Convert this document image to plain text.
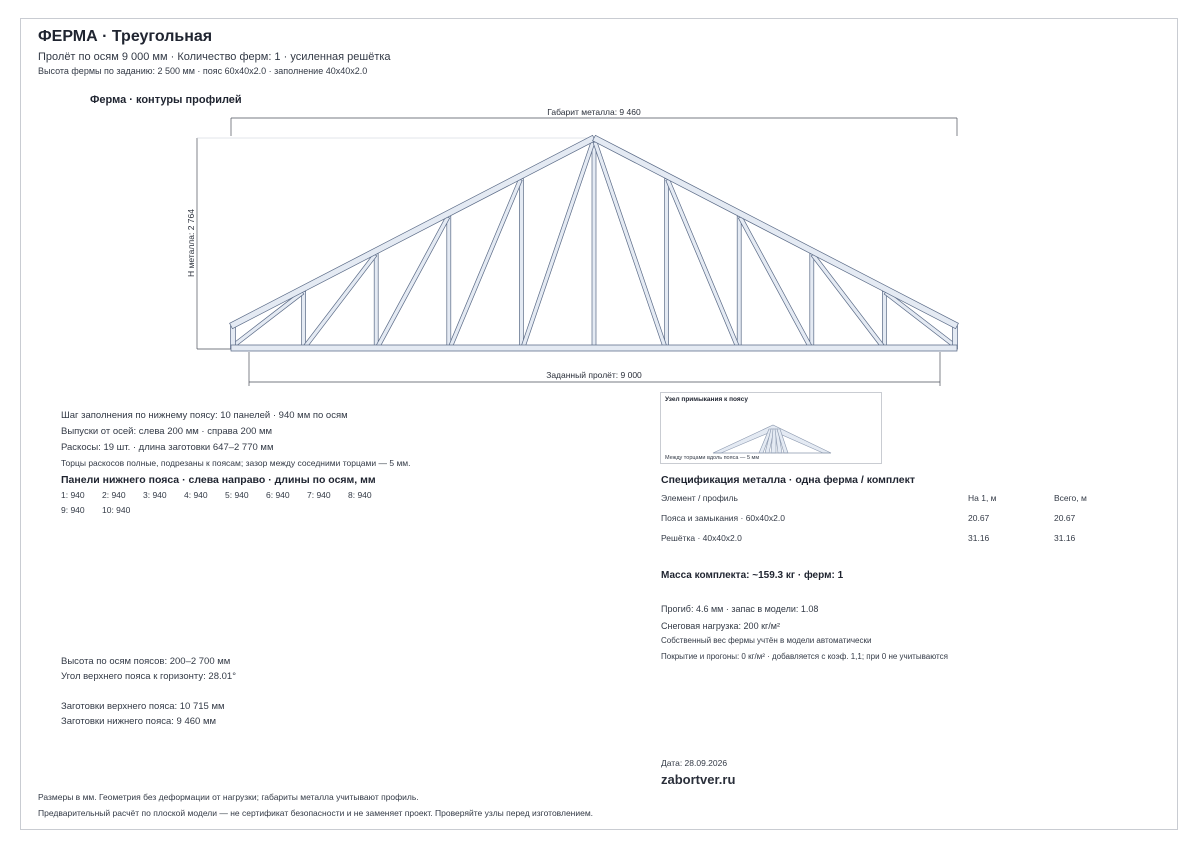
ФЕРМА · Треугольная
Пролёт по осям 9 000 мм · Количество ферм: 1 · усиленная решётка
Высота фермы по заданию: 2 500 мм · пояс 60x40x2.0 · заполнение 40x40x2.0
Ферма · контуры профилей
Габарит металла: 9 460
Н металла: 2 764
Заданный пролёт: 9 000
Шаг заполнения по нижнему поясу: 10 панелей · 940 мм по осям
Выпуски от осей: слева 200 мм · справа 200 мм
Раскосы: 19 шт. · длина заготовки 647–2 770 мм
Торцы раскосов полные, подрезаны к поясам; зазор между соседними торцами — 5 мм.
Панели нижнего пояса · слева направо · длины по осям, мм
1: 940	2: 940	3: 940	4: 940	5: 940	6: 940	7: 940	8: 940
9: 940	10: 940
Высота по осям поясов: 200–2 700 мм
Угол верхнего пояса к горизонту: 28.01°
Заготовки верхнего пояса: 10 715 мм
Заготовки нижнего пояса: 9 460 мм
Узел примыкания к поясу
Между торцами вдоль пояса — 5 мм
Спецификация металла · одна ферма / комплект
Элемент / профиль	На 1, м	Всего, м
Пояса и замыкания · 60x40x2.0	20.67	20.67
Решётка · 40x40x2.0	31.16	31.16
Масса комплекта: ~159.3 кг · ферм: 1
Прогиб: 4.6 мм · запас в модели: 1.08
Снеговая нагрузка: 200 кг/м²
Собственный вес фермы учтён в модели автоматически
Покрытие и прогоны: 0 кг/м² · добавляется с коэф. 1,1; при 0 не учитываются
Дата: 28.09.2026
zabortver.ru
Размеры в мм. Геометрия без деформации от нагрузки; габариты металла учитывают профиль.
Предварительный расчёт по плоской модели — не сертификат безопасности и не заменяет проект. Проверяйте узлы перед изготовлением.
